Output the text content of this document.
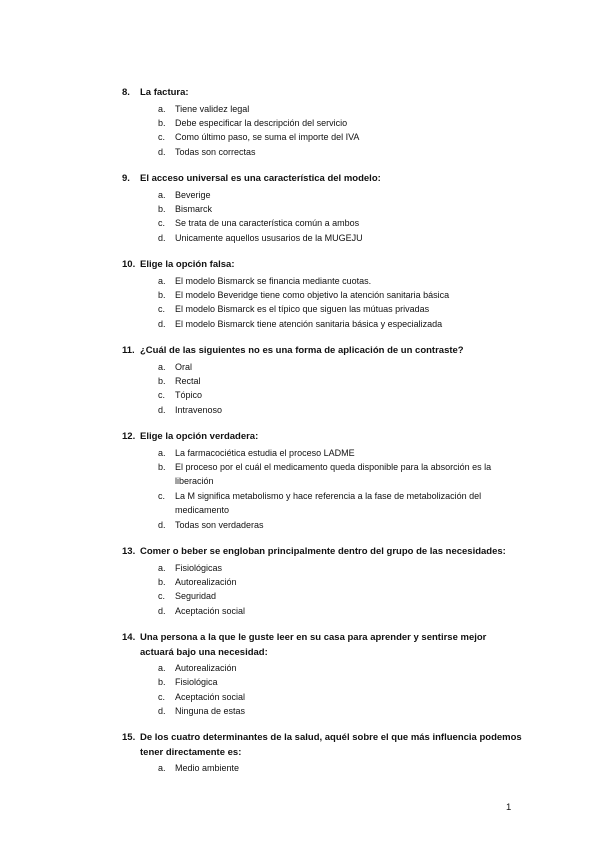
8.	La factura:
a.	Tiene validez legal
b.	Debe especificar la descripción del servicio
c.	Como último paso, se suma el importe del IVA
d.	Todas son correctas
9.	El acceso universal es una característica del modelo:
a.	Beverige
b.	Bismarck
c.	Se trata de una característica común a ambos
d.	Unicamente aquellos ususarios de la MUGEJU
10. Elige la opción falsa:
a.	El modelo Bismarck se financia mediante cuotas.
b.	El modelo Beveridge tiene como objetivo la atención sanitaria básica
c.	El modelo Bismarck es el típico que siguen las mútuas privadas
d.	El modelo Bismarck tiene atención sanitaria básica y especializada
11. ¿Cuál de las siguientes no es una forma de aplicación de un contraste?
a.	Oral
b.	Rectal
c.	Tópico
d.	Intravenoso
12. Elige la opción verdadera:
a.	La farmacociética estudia el proceso LADME
b.	El proceso por el cuál el medicamento queda disponible para la absorción es la liberación
c.	La M significa metabolismo y hace referencia a la fase de metabolización del medicamento
d.	Todas son verdaderas
13. Comer o beber se engloban principalmente dentro del grupo de las necesidades:
a.	Fisiológicas
b.	Autorealización
c.	Seguridad
d.	Aceptación social
14. Una persona a la que le guste leer en su casa para aprender y sentirse mejor actuará bajo una necesidad:
a.	Autorealización
b.	Fisiológica
c.	Aceptación social
d.	Ninguna de estas
15. De los cuatro determinantes de la salud, aquél sobre el que más influencia podemos tener directamente es:
a.	Medio ambiente
1
